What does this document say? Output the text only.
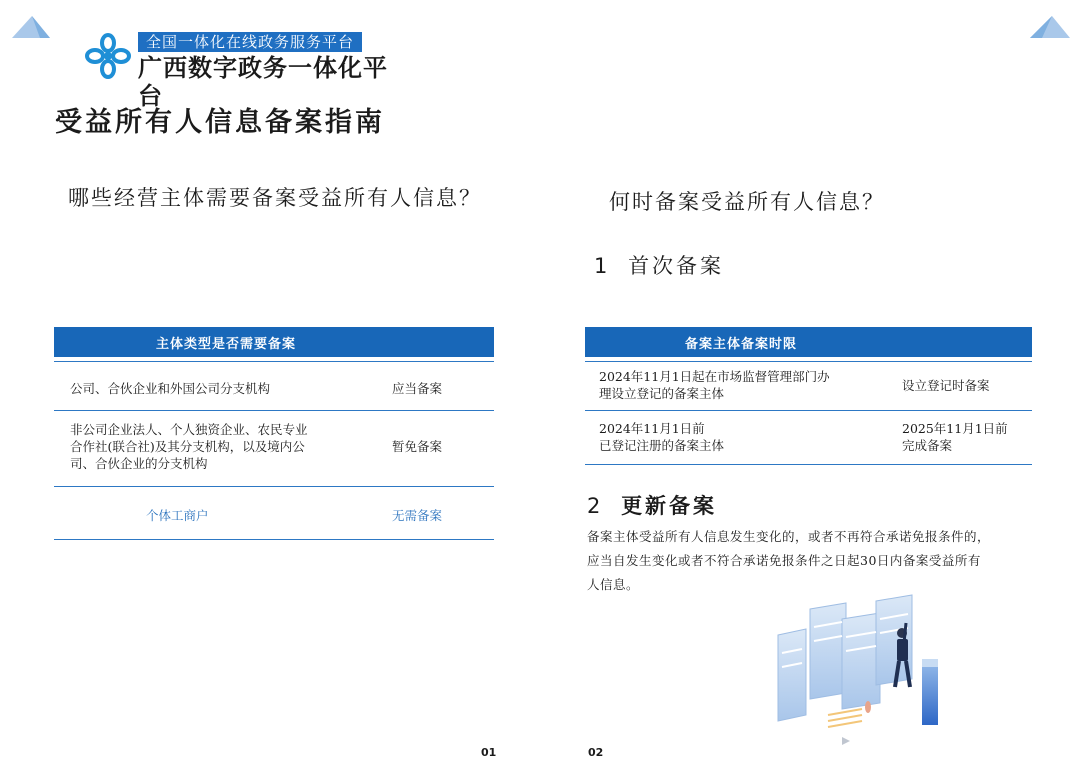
全国一体化在线政务服务平台
广西数字政务一体化平台
受益所有人信息备案指南
哪些经营主体需要备案受益所有人信息？
主体类型是否需要备案
公司、合伙企业和外国公司分支机构	应当备案
非公司企业法人、个人独资企业、农民专业
合作社(联合社)及其分支机构，以及境内公
司、合伙企业的分支机构
暂免备案
个体工商户	无需备案
01
何时备案受益所有人信息？
1 首次备案
备案主体备案时限
2024年11月1日起在市场监督管理部门办
理设立登记的备案主体
设立登记时备案
2024年11月1日前
已登记注册的备案主体
2025年11月1日前
完成备案
2 更新备案
备案主体受益所有人信息发生变化的，或者不再符合承诺免报条件的，
应当自发生变化或者不符合承诺免报条件之日起30日内备案受益所有
人信息。
02
